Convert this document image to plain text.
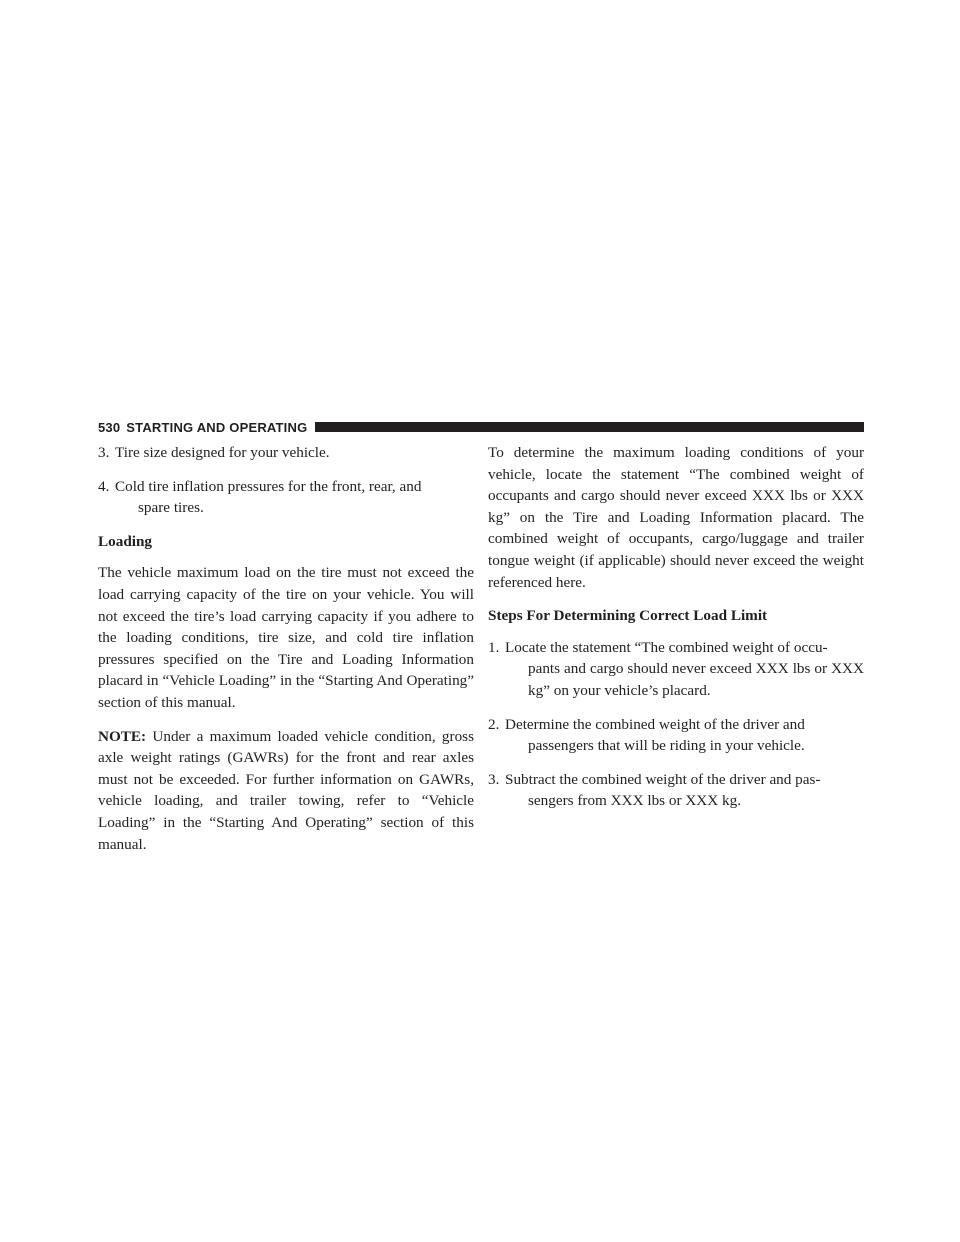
530 STARTING AND OPERATING
3. Tire size designed for your vehicle.
4. Cold tire inflation pressures for the front, rear, and
spare tires.

Loading

The vehicle maximum load on the tire must not exceed the load carrying capacity of the tire on your vehicle. You will not exceed the tire’s load carrying capacity if you adhere to the loading conditions, tire size, and cold tire inflation pressures specified on the Tire and Loading Information placard in “Vehicle Loading” in the “Starting And Operating” section of this manual.

NOTE: Under a maximum loaded vehicle condition, gross axle weight ratings (GAWRs) for the front and rear axles must not be exceeded. For further information on GAWRs, vehicle loading, and trailer towing, refer to “Vehicle Loading” in the “Starting And Operating” section of this manual.

To determine the maximum loading conditions of your vehicle, locate the statement “The combined weight of occupants and cargo should never exceed XXX lbs or XXX kg” on the Tire and Loading Information placard. The combined weight of occupants, cargo/luggage and trailer tongue weight (if applicable) should never exceed the weight referenced here.

Steps For Determining Correct Load Limit

1. Locate the statement “The combined weight of occu-
pants and cargo should never exceed XXX lbs or XXX kg” on your vehicle’s placard.
2. Determine the combined weight of the driver and
passengers that will be riding in your vehicle.
3. Subtract the combined weight of the driver and pas-
sengers from XXX lbs or XXX kg.
